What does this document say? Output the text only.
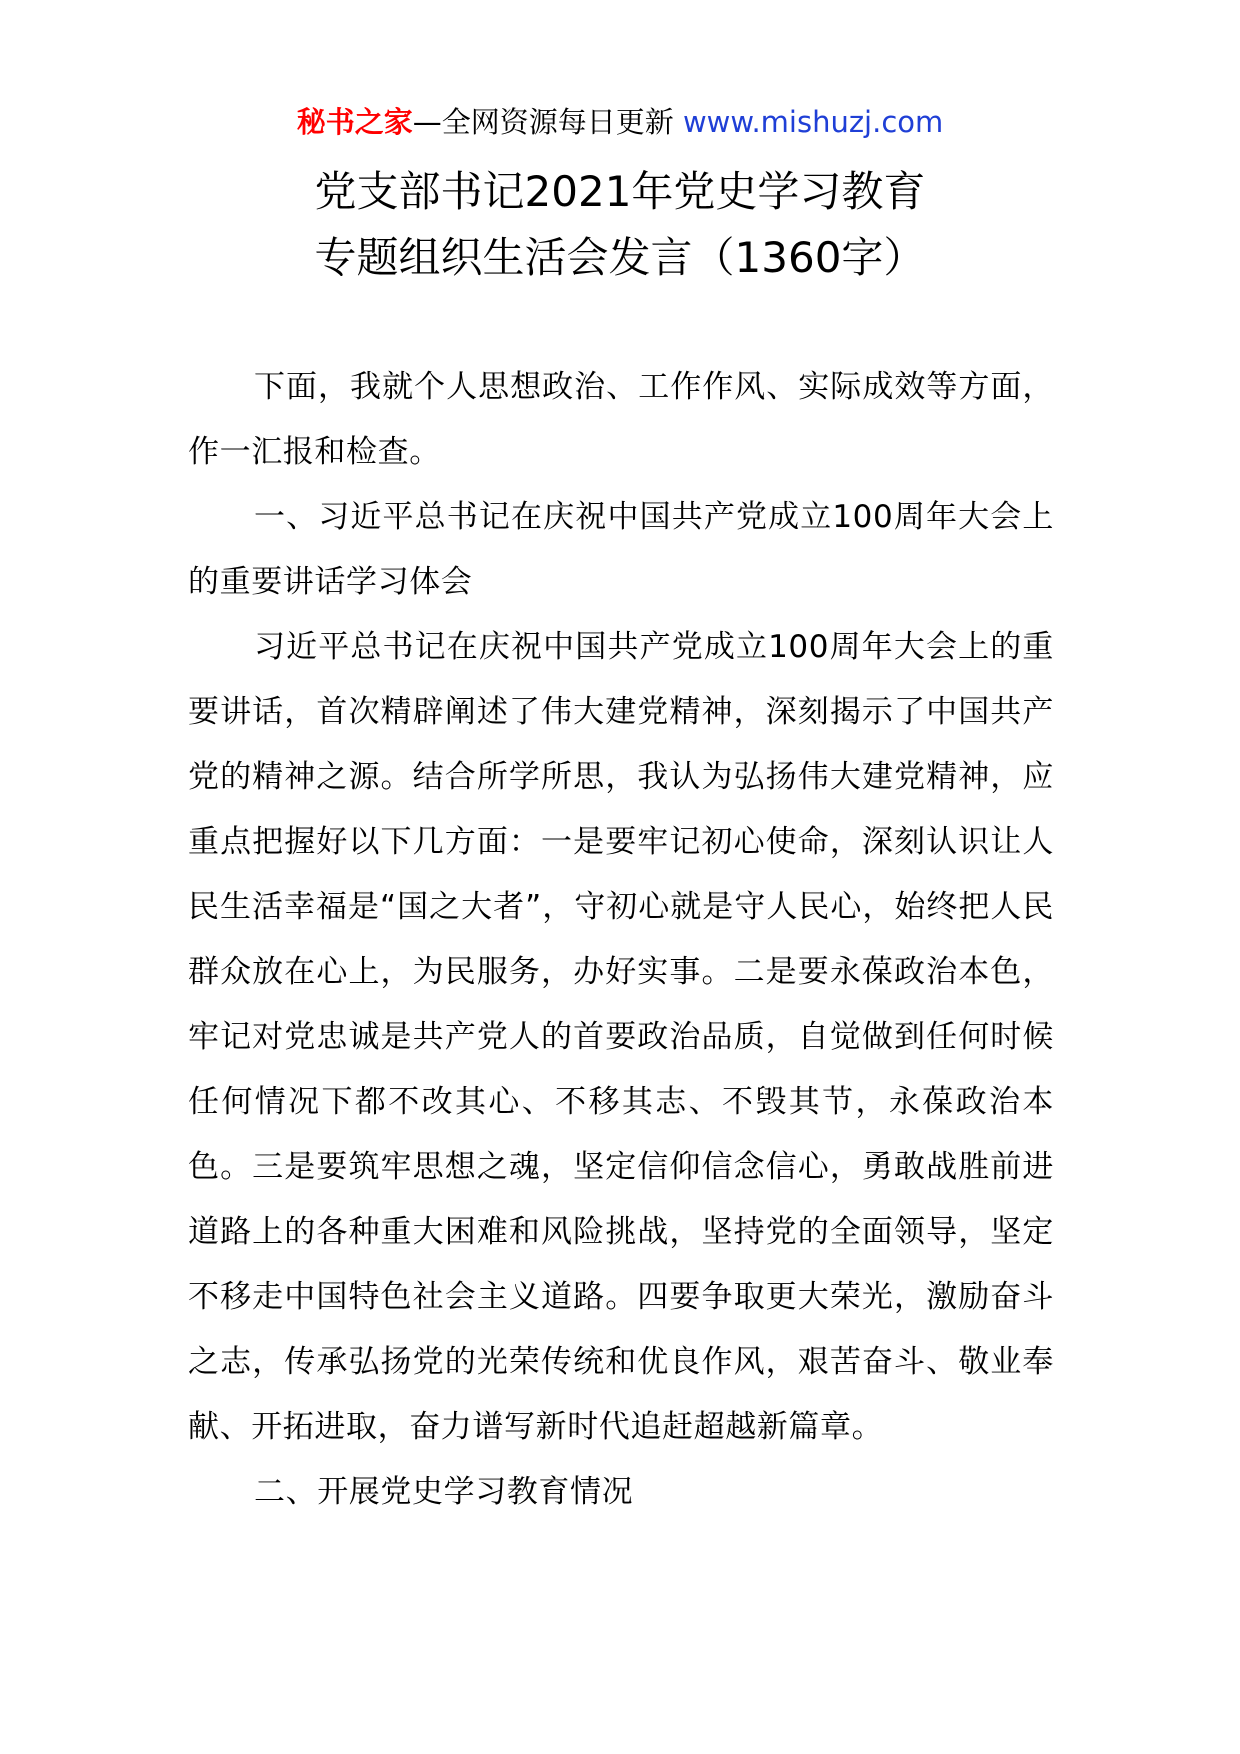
秘书之家—全网资源每日更新 www.mishuzj.com
党支部书记2021年党史学习教育
专题组织生活会发言（1360字）

下面，我就个人思想政治、工作作风、实际成效等方面，作一汇报和检查。

一、习近平总书记在庆祝中国共产党成立100周年大会上的重要讲话学习体会

习近平总书记在庆祝中国共产党成立100周年大会上的重要讲话，首次精辟阐述了伟大建党精神，深刻揭示了中国共产党的精神之源。结合所学所思，我认为弘扬伟大建党精神，应重点把握好以下几方面：一是要牢记初心使命，深刻认识让人民生活幸福是“国之大者”，守初心就是守人民心，始终把人民群众放在心上，为民服务，办好实事。二是要永葆政治本色，牢记对党忠诚是共产党人的首要政治品质，自觉做到任何时候任何情况下都不改其心、不移其志、不毁其节，永葆政治本色。三是要筑牢思想之魂，坚定信仰信念信心，勇敢战胜前进道路上的各种重大困难和风险挑战，坚持党的全面领导，坚定不移走中国特色社会主义道路。四要争取更大荣光，激励奋斗之志，传承弘扬党的光荣传统和优良作风，艰苦奋斗、敬业奉献、开拓进取，奋力谱写新时代追赶超越新篇章。

二、开展党史学习教育情况
